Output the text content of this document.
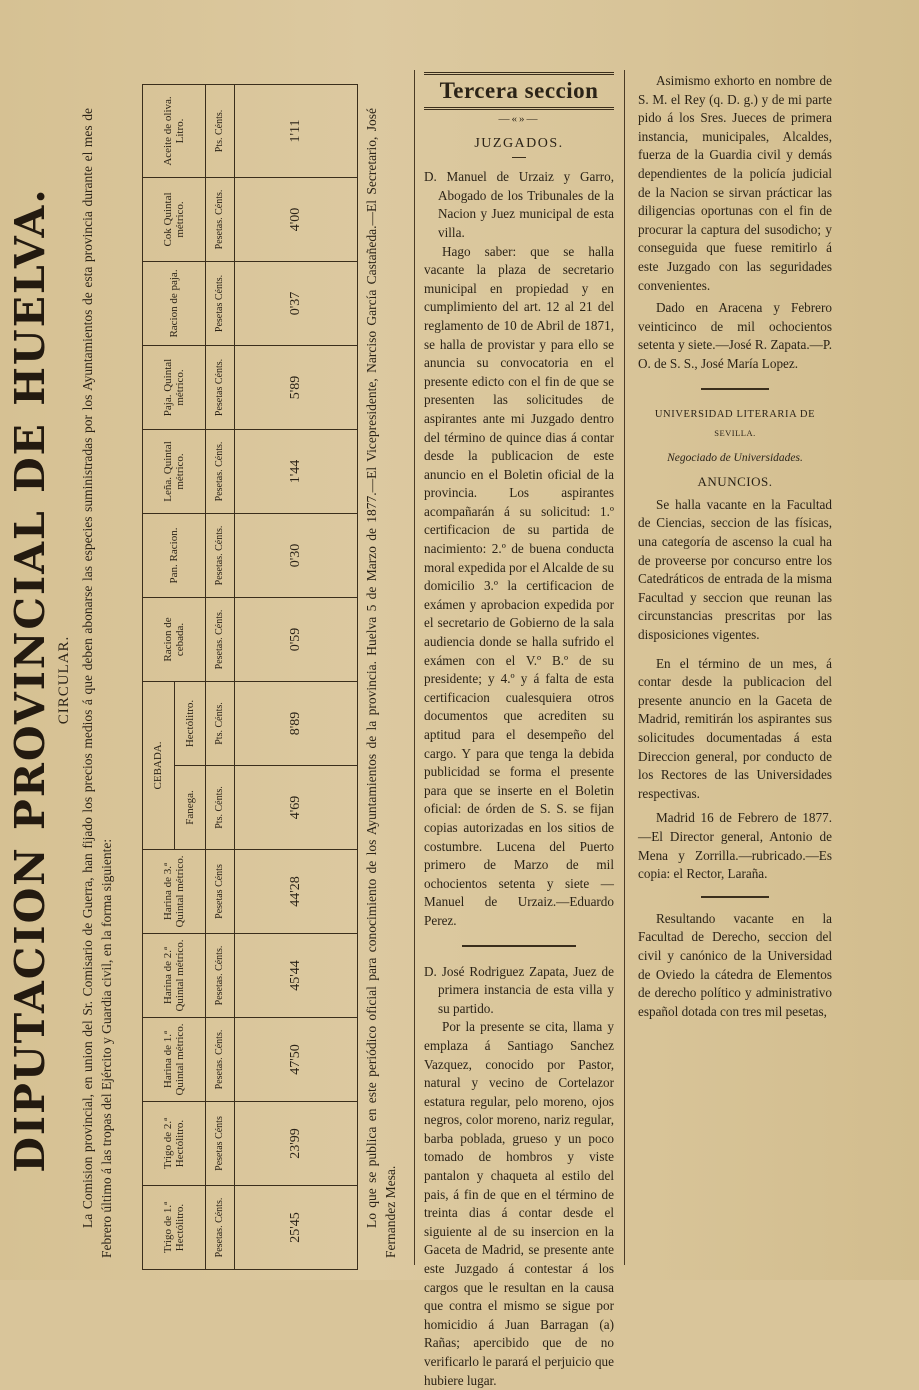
DIPUTACION PROVINCIAL DE HUELVA. CIRCULAR. La Comision provincial, en union del Sr. Comisario de Guerra, han fijado los precios medios á que deben abonarse las especies suministradas por los Ayuntamientos de esta provincia durante el mes de Febrero último á las tropas del Ejército y Guardia civil, en la forma siguiente:	Trigo de 1.ª Hectólitro.	Trigo de 2.ª Hectólitro.	Harina de 1.ª Quintal métrico.	Harina de 2.ª Quintal métrico.	Harina de 3.ª Quintal métrico.	CEBADA.		Racion de cebada.	Pan. Racion.	Leña. Quintal métrico.	Paja. Quintal métrico.	Racion de paja.	Cok Quintal métrico.	Aceite de oliva. Litro.
					Fanega.	Hectólitro.							
Pesetas. Cénts.	Pesetas Cénts	Pesetas. Cénts.	Pesetas. Cénts.	Pesetas Cénts	Pts. Cénts.	Pts. Cénts.	Pesetas. Cénts.	Pesetas. Cénts.	Pesetas. Cénts.	Pesetas Cénts.	Pesetas Cénts.	Pesetas. Cénts.	Pts. Cénts.
25'45	23'99	47'50	45'44	44'28	4'69	8'89	0'59	0'30	1'44	5'89	0'37	4'00	1'11	Lo que se publica en este periódico oficial para conocimiento de los Ayuntamientos de la provincia. Huelva 5 de Marzo de 1877.—El Vicepresidente, Narciso García Castañeda.—El Secretario, José Fernandez Mesa.
Tercera seccion
—«»—
JUZGADOS.

D. Manuel de Urzaiz y Garro, Abogado de los Tribunales de la Nacion y Juez municipal de esta villa.

Hago saber: que se halla vacante la plaza de secretario municipal en propiedad y en cumplimiento del art. 12 al 21 del reglamento de 10 de Abril de 1871, se halla de provistar y para ello se anuncia su convocatoria en el presente edicto con el fin de que se presenten las solicitudes de aspirantes ante mi Juzgado dentro del término de quince dias á contar desde la publicacion de este anuncio en el Boletin oficial de la provincia. Los aspirantes acompañarán á su solicitud: 1.º certificacion de su partida de nacimiento: 2.º de buena conducta moral expedida por el Alcalde de su domicilio 3.º la certificacion de exámen y aprobacion expedida por el secretario de Gobierno de la sala audiencia donde se halla sufrido el exámen con el V.º B.º de su presidente; y 4.º y á falta de esta certificacion cualesquiera otros documentos que acrediten su aptitud para el desempeño del cargo. Y para que tenga la debida publicidad se forma el presente para que se inserte en el Boletin oficial: de órden de S. S. se fijan copias autorizadas en los sitios de costumbre. Lucena del Puerto primero de Marzo de mil ochocientos setenta y siete —Manuel de Urzaiz.—Eduardo Perez.

D. José Rodriguez Zapata, Juez de primera instancia de esta villa y su partido.

Por la presente se cita, llama y emplaza á Santiago Sanchez Vazquez, conocido por Pastor, natural y vecino de Cortelazor estatura regular, pelo moreno, ojos negros, color moreno, nariz regular, barba poblada, grueso y un poco tomado de hombros y viste pantalon y chaqueta al estilo del pais, á fin de que en el término de treinta dias á contar desde el siguiente al de su insercion en la Gaceta de Madrid, se presente ante este Juzgado á contestar á los cargos que le resultan en la causa que contra el mismo se sigue por homicidio á Juan Barragan (a) Rañas; apercibido que de no verificarlo le parará el perjuicio que hubiere lugar.

Asimismo exhorto en nombre de S. M. el Rey (q. D. g.) y de mi parte pido á los Sres. Jueces de primera instancia, municipales, Alcaldes, fuerza de la Guardia civil y demás dependientes de la policía judicial de la Nacion se sirvan prácticar las diligencias oportunas con el fin de procurar la captura del susodicho; y conseguida que fuese remitirlo á este Juzgado con las seguridades convenientes.

Dado en Aracena y Febrero veinticinco de mil ochocientos setenta y siete.—José R. Zapata.—P. O. de S. S., José María Lopez.

UNIVERSIDAD LITERARIA DE
SEVILLA.
Negociado de Universidades.
ANUNCIOS.

Se halla vacante en la Facultad de Ciencias, seccion de las físicas, una categoría de ascenso la cual ha de proveerse por concurso entre los Catedráticos de entrada de la misma Facultad y seccion que reunan las circunstancias prescritas por las disposiciones vigentes.

En el término de un mes, á contar desde la publicacion del presente anuncio en la Gaceta de Madrid, remitirán los aspirantes sus solicitudes documentadas á esta Direccion general, por conducto de los Rectores de las Universidades respectivas.

Madrid 16 de Febrero de 1877.—El Director general, Antonio de Mena y Zorrilla.—rubricado.—Es copia: el Rector, Laraña.

Resultando vacante en la Facultad de Derecho, seccion del civil y canónico de la Universidad de Oviedo la cátedra de Elementos de derecho político y administrativo español dotada con tres mil pesetas,
